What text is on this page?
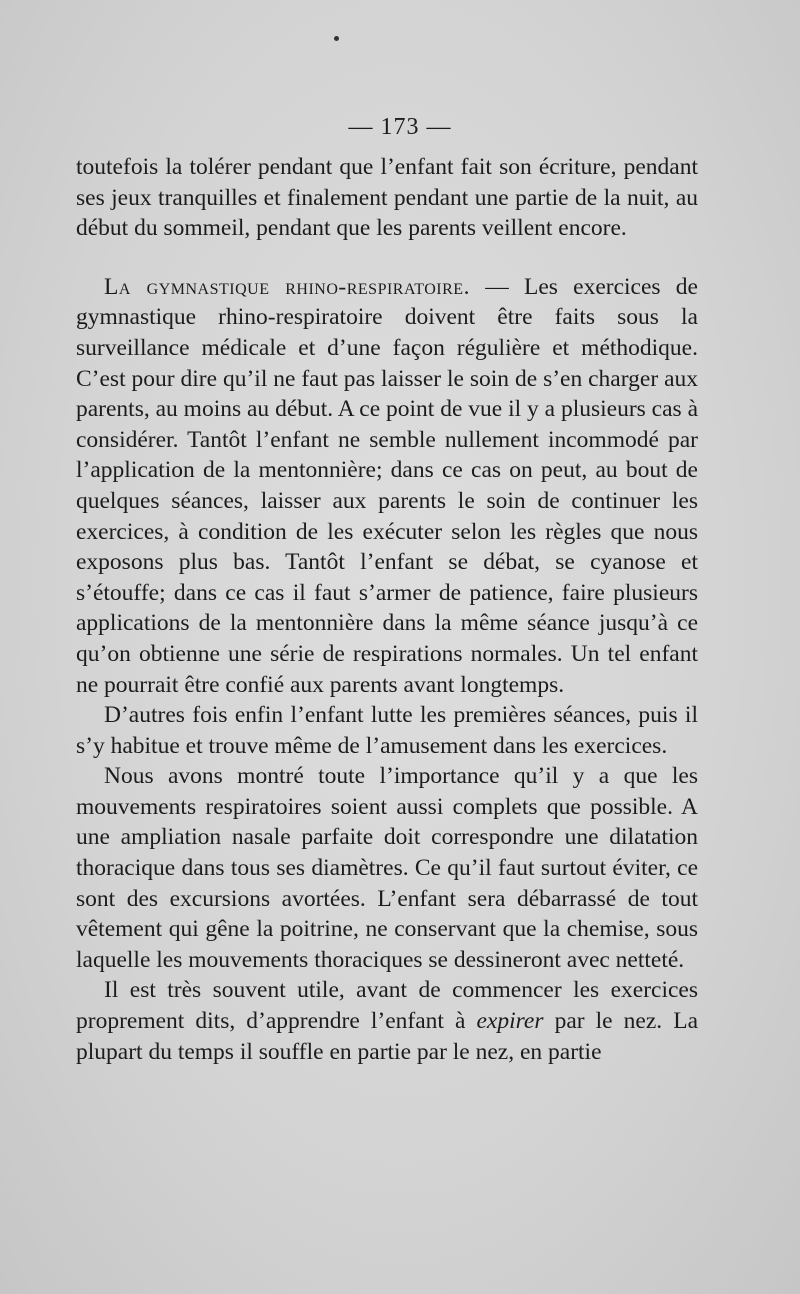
— 173 —

toutefois la tolérer pendant que l’enfant fait son écriture, pendant ses jeux tranquilles et finalement pendant une partie de la nuit, au début du sommeil, pendant que les parents veillent encore.

La gymnastique rhino-respiratoire. — Les exercices de gymnastique rhino-respiratoire doivent être faits sous la surveillance médicale et d’une façon régulière et méthodique. C’est pour dire qu’il ne faut pas laisser le soin de s’en charger aux parents, au moins au début. A ce point de vue il y a plusieurs cas à considérer. Tantôt l’enfant ne semble nullement incommodé par l’application de la mentonnière; dans ce cas on peut, au bout de quelques séances, laisser aux parents le soin de continuer les exercices, à condition de les exécuter selon les règles que nous exposons plus bas. Tantôt l’enfant se débat, se cyanose et s’étouffe; dans ce cas il faut s’armer de patience, faire plusieurs applications de la mentonnière dans la même séance jusqu’à ce qu’on obtienne une série de respirations normales. Un tel enfant ne pourrait être confié aux parents avant longtemps.

D’autres fois enfin l’enfant lutte les premières séances, puis il s’y habitue et trouve même de l’amusement dans les exercices.

Nous avons montré toute l’importance qu’il y a que les mouvements respiratoires soient aussi complets que possible. A une ampliation nasale parfaite doit correspondre une dilatation thoracique dans tous ses diamètres. Ce qu’il faut surtout éviter, ce sont des excursions avortées. L’enfant sera débarrassé de tout vêtement qui gêne la poitrine, ne conservant que la chemise, sous laquelle les mouvements thoraciques se dessineront avec netteté.

Il est très souvent utile, avant de commencer les exercices proprement dits, d’apprendre l’enfant à expirer par le nez. La plupart du temps il souffle en partie par le nez, en partie
